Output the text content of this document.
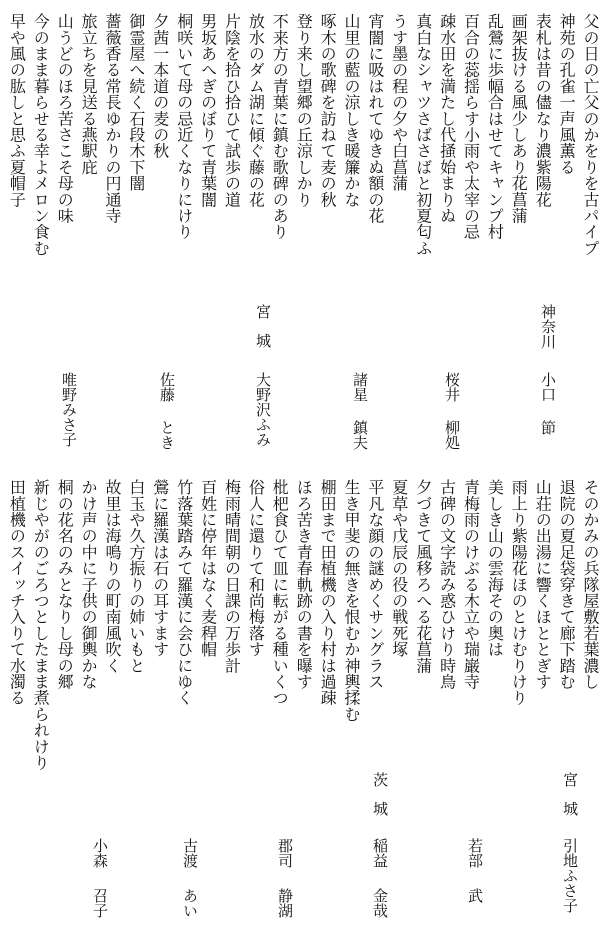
父の日の亡父のかをりを古パイプ
神苑の孔雀一声風薫る
表札は昔の儘なり濃紫陽花
画架抜ける風少しあり花菖蒲
乱鶯に歩幅合はせてキャンプ村
百合の蕊揺らす小雨や太宰の忌
疎水田を満たし代掻始まりぬ
真白なシャツさばさばと初夏匂ふ
うす墨の程の夕や白菖蒲
宵闇に吸はれてゆきぬ額の花
山里の藍の涼しき暖簾かな
啄木の歌碑を訪ねて麦の秋
登り来し望郷の丘涼しかり
不来方の青葉に鎮む歌碑のあり
放水のダム湖に傾ぐ藤の花
片陰を拾ひ拾ひて試歩の道
男坂あへぎのぼりて青葉闇
桐咲いて母の忌近くなりにけり
夕茜一本道の麦の秋
御霊屋へ続く石段木下闇
薔薇香る常長ゆかりの円通寺
旅立ちを見送る燕駅庇
山うどのほろ苦さこそ母の味
今のまま暮らせる幸よメロン食む
早や風の肱しと思ふ夏帽子
そのかみの兵隊屋敷若葉濃し
退院の夏足袋穿きて廊下踏む
山荘の出湯に響くほととぎす
雨上り紫陽花ほのとけむりけり
美しき山の雲海その奥は
青梅雨のけぶる木立や瑞巌寺
古碑の文字読み惑ひけり時鳥
夕づきて風移ろへる花菖蒲
夏草や戊辰の役の戦死塚
平凡な顔の謎めくサングラス
生き甲斐の無きを恨むか神輿揉む
棚田まで田植機の入り村は過疎
ほろ苦き青春軌跡の書を曝す
枇杷食ひて皿に転がる種いくつ
俗人に還りて和尚梅落す
梅雨晴間朝の日課の万歩計
百姓に停年はなく麦稈帽
竹落葉踏みて羅漢に会ひにゆく
鶯に羅漢は石の耳すます
白玉や久方振りの姉いもと
故里は海鳴りの町南風吹く
かけ声の中に子供の御輿かな
桐の花名のみとなりし母の郷
新じやがのごろつとしたまま煮られけり
田植機のスイッチ入りて水濁る
神奈川
小口
節
桜井
柳処
諸星
鎮夫
宮城
大野沢ふみ
佐藤
とき
唯野みさ子
宮城
引地ふさ子
若部
武
茨城
稲益
金哉
郡司
静湖
古渡
あい
小森
召子
